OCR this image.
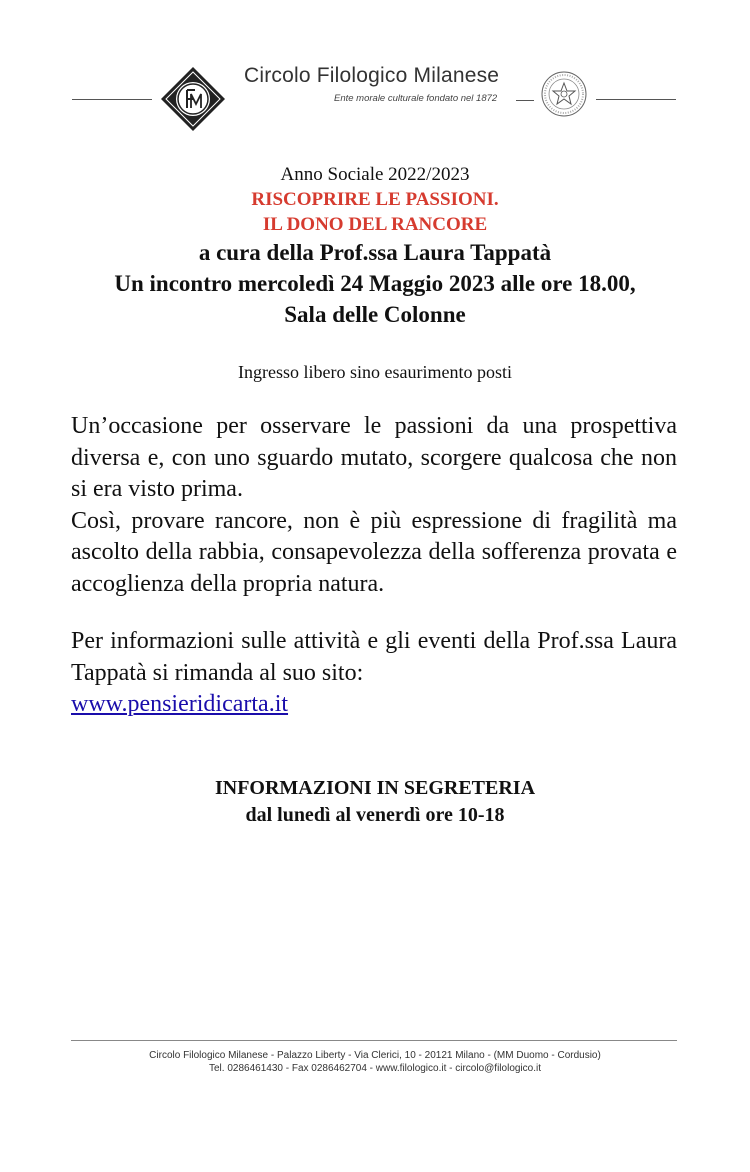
Circolo Filologico Milanese
Ente morale culturale fondato nel 1872
Anno Sociale 2022/2023
RISCOPRIRE LE PASSIONI.
IL DONO DEL RANCORE
a cura della Prof.ssa Laura Tappatà
Un incontro mercoledì 24 Maggio 2023 alle ore 18.00,
Sala delle Colonne
Ingresso libero sino esaurimento posti

Un’occasione per osservare le passioni da una prospettiva diversa e, con uno sguardo mutato, scorgere qualcosa che non si era visto prima.

Così, provare rancore, non è più espressione di fragilità ma ascolto della rabbia, consapevolezza della sofferenza provata e accoglienza della propria natura.

Per informazioni sulle attività e gli eventi della Prof.ssa Laura Tappatà si rimanda al suo sito:

www.pensieridicarta.it

INFORMAZIONI IN SEGRETERIA
dal lunedì al venerdì ore 10-18
Circolo Filologico Milanese - Palazzo Liberty - Via Clerici, 10 - 20121 Milano - (MM Duomo - Cordusio)
Tel. 0286461430 - Fax 0286462704 - www.filologico.it - circolo@filologico.it
